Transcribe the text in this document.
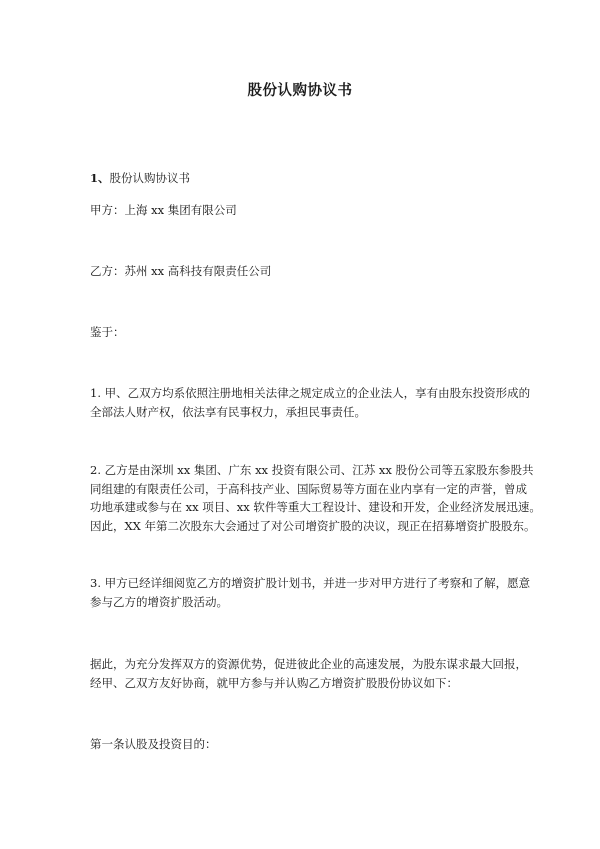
股份认购协议书
1、股份认购协议书
甲方：上海 xx 集团有限公司
乙方：苏州 xx 高科技有限责任公司
鉴于：
1. 甲、乙双方均系依照注册地相关法律之规定成立的企业法人，享有由股东投资形成的
全部法人财产权，依法享有民事权力，承担民事责任。
2. 乙方是由深圳 xx 集团、广东 xx 投资有限公司、江苏 xx 股份公司等五家股东参股共
同组建的有限责任公司，于高科技产业、国际贸易等方面在业内享有一定的声誉，曾成
功地承建或参与在 xx 项目、xx 软件等重大工程设计、建设和开发，企业经济发展迅速。
因此，XX 年第二次股东大会通过了对公司增资扩股的决议，现正在招募增资扩股股东。
3. 甲方已经详细阅览乙方的增资扩股计划书，并进一步对甲方进行了考察和了解，愿意
参与乙方的增资扩股活动。
据此，为充分发挥双方的资源优势，促进彼此企业的高速发展，为股东谋求最大回报，
经甲、乙双方友好协商，就甲方参与并认购乙方增资扩股股份协议如下：
第一条认股及投资目的：
